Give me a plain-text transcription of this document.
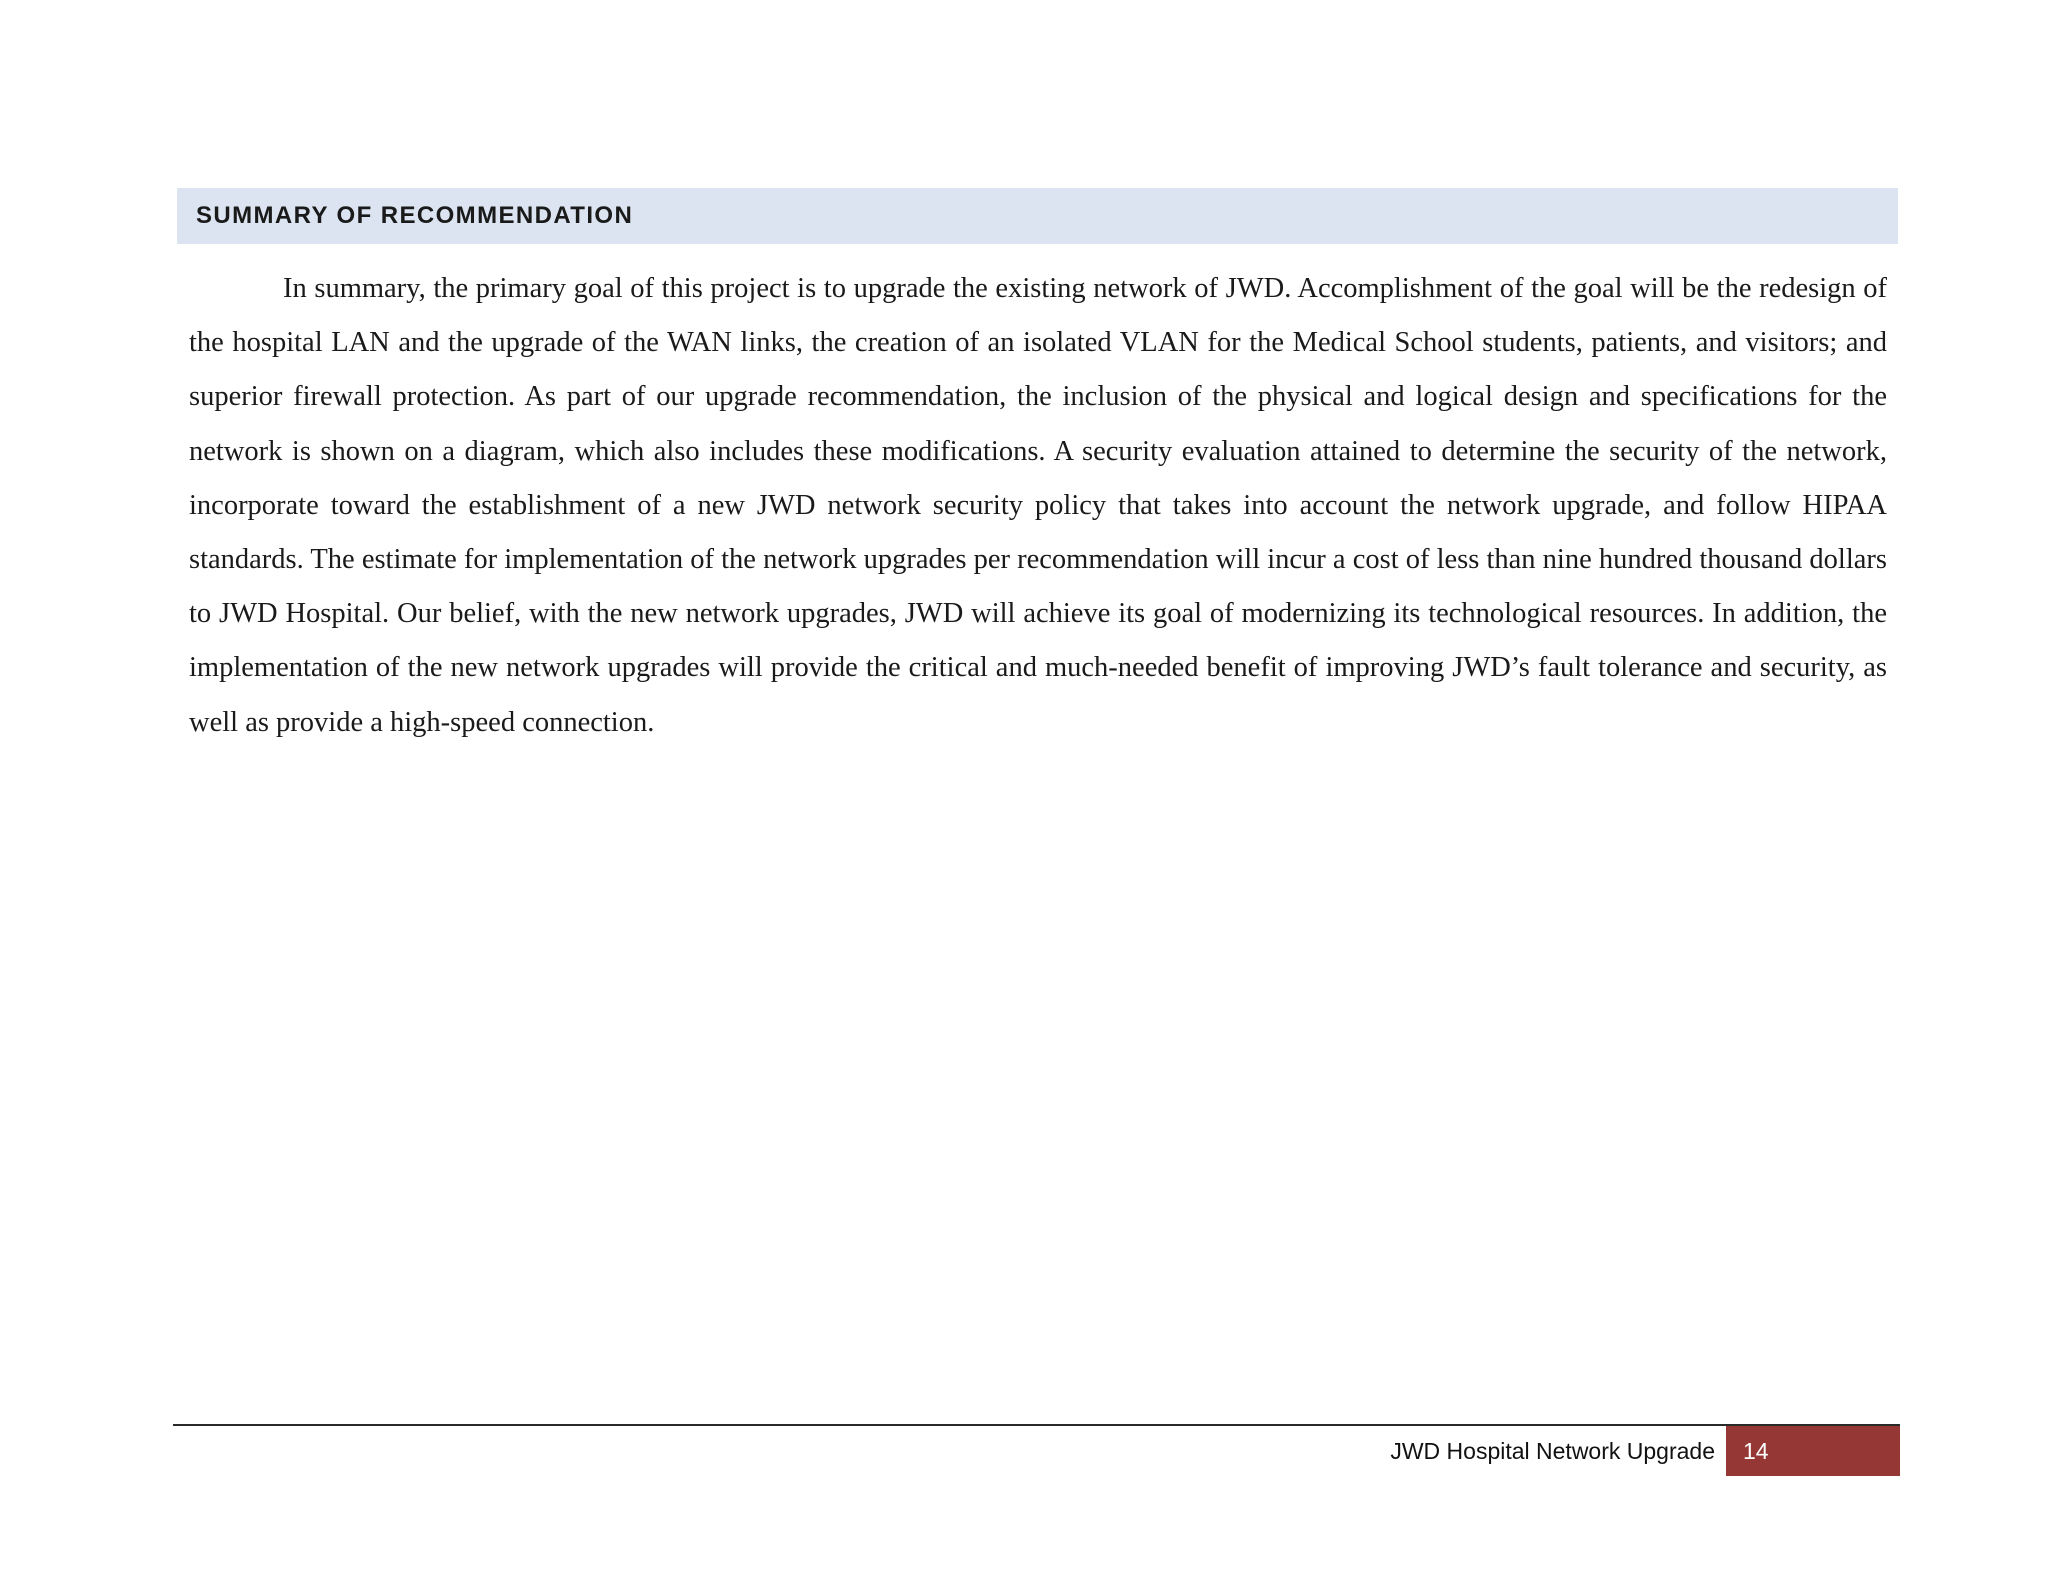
SUMMARY OF RECOMMENDATION

In summary, the primary goal of this project is to upgrade the existing network of JWD. Accomplishment of the goal will be the redesign of the hospital LAN and the upgrade of the WAN links, the creation of an isolated VLAN for the Medical School students, patients, and visitors; and superior firewall protection. As part of our upgrade recommendation, the inclusion of the physical and logical design and specifications for the network is shown on a diagram, which also includes these modifications. A security evaluation attained to determine the security of the network, incorporate toward the establishment of a new JWD network security policy that takes into account the network upgrade, and follow HIPAA standards. The estimate for implementation of the network upgrades per recommendation will incur a cost of less than nine hundred thousand dollars to JWD Hospital. Our belief, with the new network upgrades, JWD will achieve its goal of modernizing its technological resources. In addition, the implementation of the new network upgrades will provide the critical and much-needed benefit of improving JWD’s fault tolerance and security, as well as provide a high-speed connection.

JWD Hospital Network Upgrade 14
